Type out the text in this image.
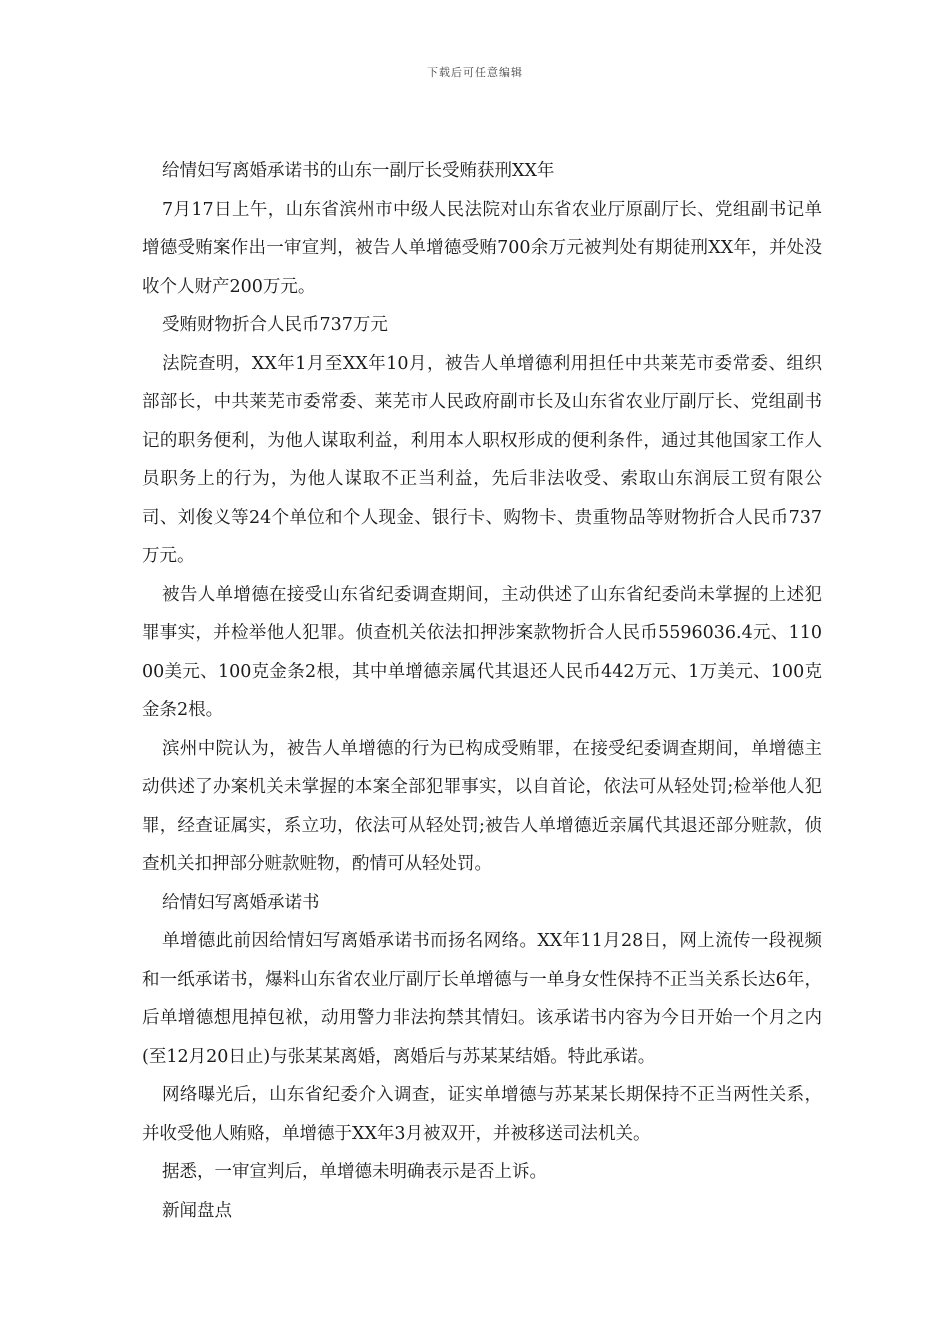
下载后可任意编辑

给情妇写离婚承诺书的山东一副厅长受贿获刑XX年

7月17日上午，山东省滨州市中级人民法院对山东省农业厅原副厅长、党组副书记单增德受贿案作出一审宣判，被告人单增德受贿700余万元被判处有期徒刑XX年，并处没收个人财产200万元。

受贿财物折合人民币737万元

法院查明，XX年1月至XX年10月，被告人单增德利用担任中共莱芜市委常委、组织部部长，中共莱芜市委常委、莱芜市人民政府副市长及山东省农业厅副厅长、党组副书记的职务便利，为他人谋取利益，利用本人职权形成的便利条件，通过其他国家工作人员职务上的行为，为他人谋取不正当利益，先后非法收受、索取山东润辰工贸有限公司、刘俊义等24个单位和个人现金、银行卡、购物卡、贵重物品等财物折合人民币737万元。

被告人单增德在接受山东省纪委调查期间，主动供述了山东省纪委尚未掌握的上述犯罪事实，并检举他人犯罪。侦查机关依法扣押涉案款物折合人民币5596036.4元、11000美元、100克金条2根，其中单增德亲属代其退还人民币442万元、1万美元、100克金条2根。

滨州中院认为，被告人单增德的行为已构成受贿罪，在接受纪委调查期间，单增德主动供述了办案机关未掌握的本案全部犯罪事实，以自首论，依法可从轻处罚;检举他人犯罪，经查证属实，系立功，依法可从轻处罚;被告人单增德近亲属代其退还部分赃款，侦查机关扣押部分赃款赃物，酌情可从轻处罚。

给情妇写离婚承诺书

单增德此前因给情妇写离婚承诺书而扬名网络。XX年11月28日，网上流传一段视频和一纸承诺书，爆料山东省农业厅副厅长单增德与一单身女性保持不正当关系长达6年，后单增德想甩掉包袱，动用警力非法拘禁其情妇。该承诺书内容为今日开始一个月之内(至12月20日止)与张某某离婚，离婚后与苏某某结婚。特此承诺。

网络曝光后，山东省纪委介入调查，证实单增德与苏某某长期保持不正当两性关系，并收受他人贿赂，单增德于XX年3月被双开，并被移送司法机关。

据悉，一审宣判后，单增德未明确表示是否上诉。

新闻盘点
